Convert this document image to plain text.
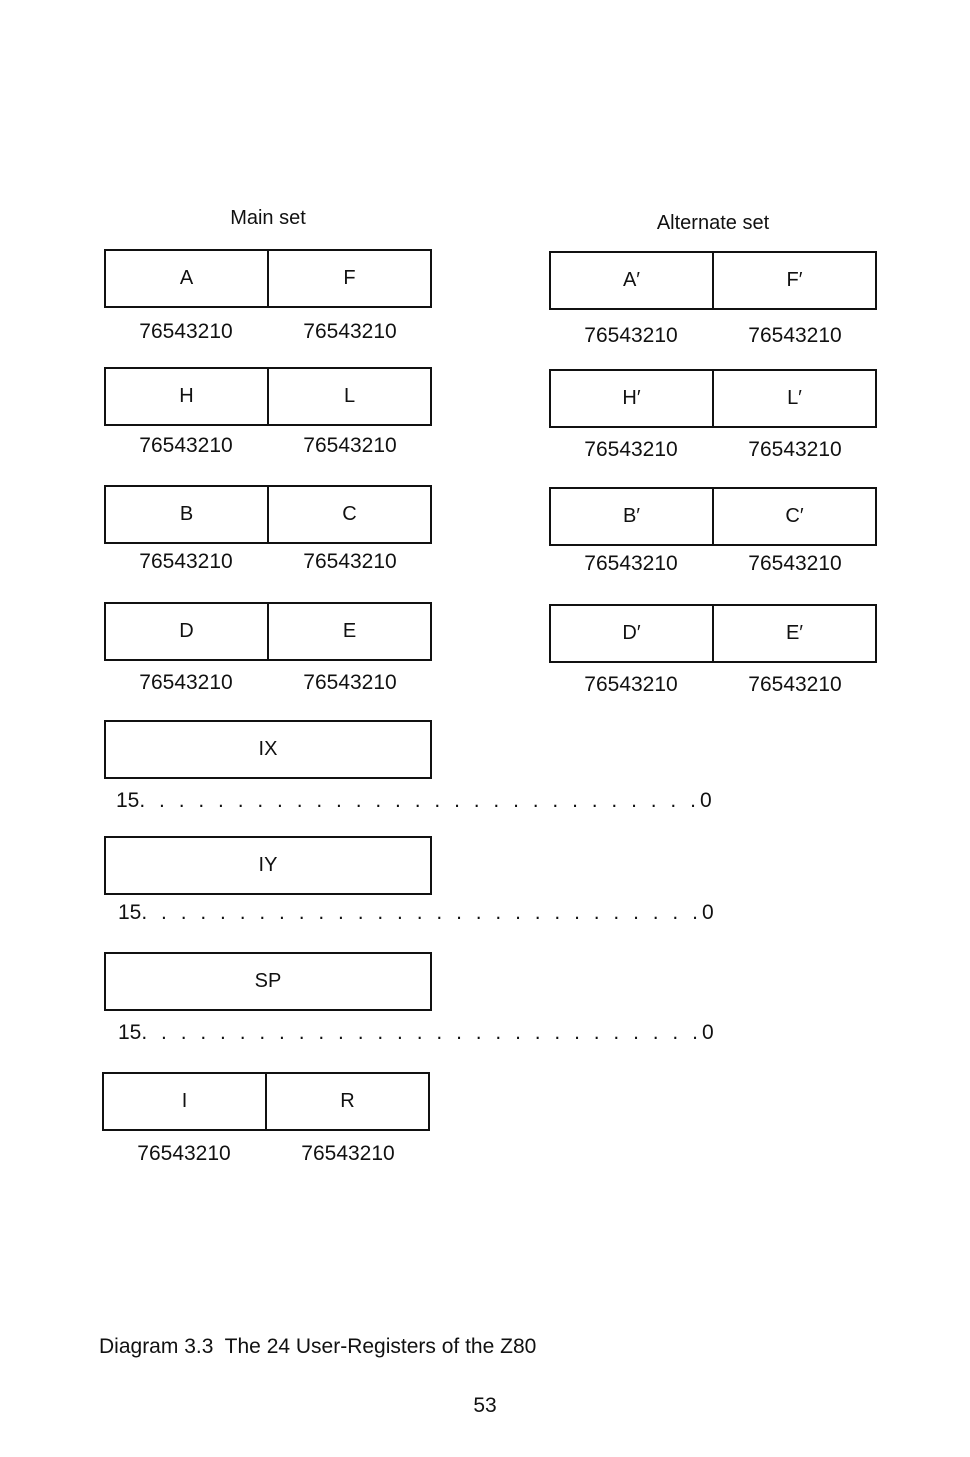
Main set	Alternate set
A	F
76543210	76543210
H	L
76543210	76543210
B	C
76543210	76543210
D	E
76543210	76543210
A′	F′
76543210	76543210
H′	L′
76543210	76543210
B′	C′
76543210	76543210
D′	E′
76543210	76543210
IX
15 . . . . . . . . . . . . . . . . . . . . . . . . . . . . . 0
IY
15 . . . . . . . . . . . . . . . . . . . . . . . . . . . . . 0
SP
15 . . . . . . . . . . . . . . . . . . . . . . . . . . . . . 0
I	R
76543210	76543210
Diagram 3.3  The 24 User-Registers of the Z80
53
